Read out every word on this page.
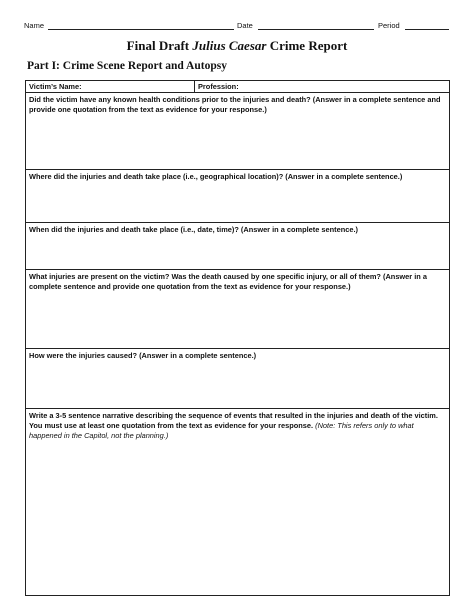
Name	Date	Period
Final Draft Julius Caesar Crime Report
Part I: Crime Scene Report and Autopsy
Victim’s Name:	Profession:
Did the victim have any known health conditions prior to the injuries and death? (Answer in a complete sentence and provide one quotation from the text as evidence for your response.)
Where did the injuries and death take place (i.e., geographical location)? (Answer in a complete sentence.)
When did the injuries and death take place (i.e., date, time)? (Answer in a complete sentence.)
What injuries are present on the victim? Was the death caused by one specific injury, or all of them? (Answer in a complete sentence and provide one quotation from the text as evidence for your response.)
How were the injuries caused? (Answer in a complete sentence.)
Write a 3-5 sentence narrative describing the sequence of events that resulted in the injuries and death of the victim. You must use at least one quotation from the text as evidence for your response. (Note: This refers only to what happened in the Capitol, not the planning.)
